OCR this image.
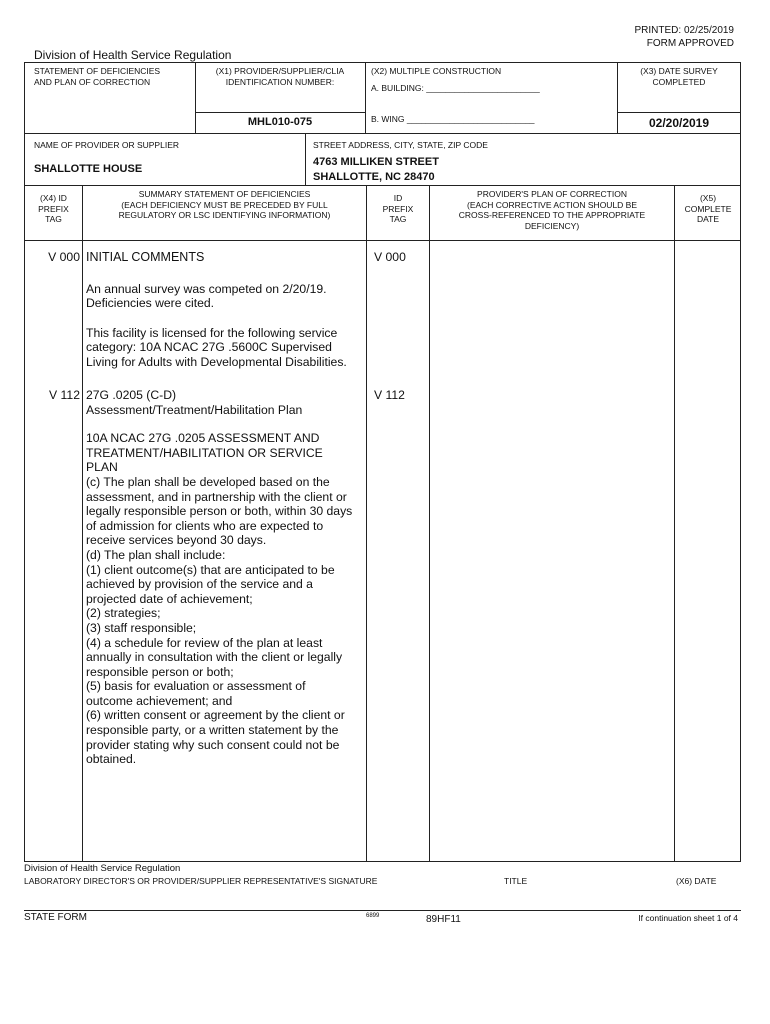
PRINTED: 02/25/2019
FORM APPROVED
Division of Health Service Regulation
STATEMENT OF DEFICIENCIES
AND PLAN OF CORRECTION
(X1) PROVIDER/SUPPLIER/CLIA
IDENTIFICATION NUMBER:
MHL010-075
(X2) MULTIPLE CONSTRUCTION
A. BUILDING: ________________________
B. WING ___________________________
(X3) DATE SURVEY
COMPLETED
02/20/2019
NAME OF PROVIDER OR SUPPLIER
SHALLOTTE HOUSE
STREET ADDRESS, CITY, STATE, ZIP CODE
4763 MILLIKEN STREET
SHALLOTTE, NC 28470
(X4) ID
PREFIX
TAG
SUMMARY STATEMENT OF DEFICIENCIES
(EACH DEFICIENCY MUST BE PRECEDED BY FULL
REGULATORY OR LSC IDENTIFYING INFORMATION)
ID
PREFIX
TAG
PROVIDER'S PLAN OF CORRECTION
(EACH CORRECTIVE ACTION SHOULD BE
CROSS-REFERENCED TO THE APPROPRIATE
DEFICIENCY)
(X5)
COMPLETE
DATE
V 000	V 000
INITIAL COMMENTS
An annual survey was competed on 2/20/19.
Deficiencies were cited.
This facility is licensed for the following service
category: 10A NCAC 27G .5600C Supervised
Living for Adults with Developmental Disabilities.
V 112	V 112
27G .0205 (C-D)
Assessment/Treatment/Habilitation Plan
10A NCAC 27G .0205 ASSESSMENT AND
TREATMENT/HABILITATION OR SERVICE
PLAN
(c) The plan shall be developed based on the
assessment, and in partnership with the client or
legally responsible person or both, within 30 days
of admission for clients who are expected to
receive services beyond 30 days.
(d) The plan shall include:
(1) client outcome(s) that are anticipated to be
achieved by provision of the service and a
projected date of achievement;
(2) strategies;
(3) staff responsible;
(4) a schedule for review of the plan at least
annually in consultation with the client or legally
responsible person or both;
(5) basis for evaluation or assessment of
outcome achievement; and
(6) written consent or agreement by the client or
responsible party, or a written statement by the
provider stating why such consent could not be
obtained.
Division of Health Service Regulation
LABORATORY DIRECTOR'S OR PROVIDER/SUPPLIER REPRESENTATIVE'S SIGNATURE	TITLE	(X6) DATE
STATE FORM	6899	89HF11	If continuation sheet 1 of 4
